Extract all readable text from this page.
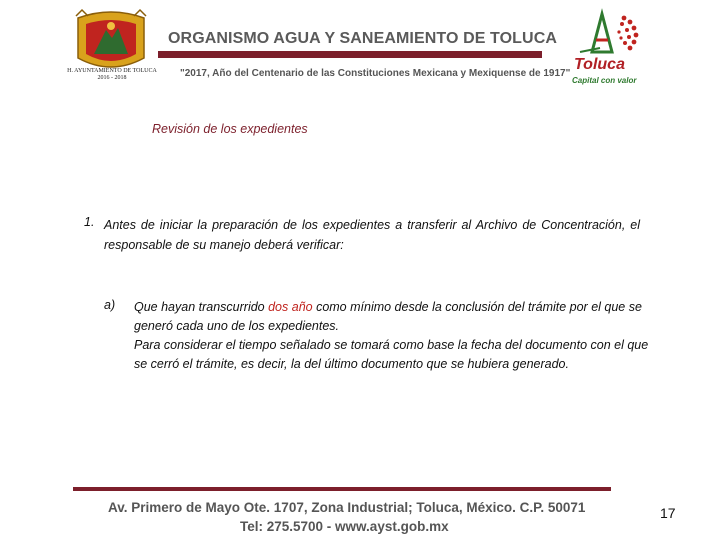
H. AYUNTAMIENTO DE TOLUCA 2016 - 2018
ORGANISMO AGUA Y SANEAMIENTO DE TOLUCA
"2017, Año del Centenario de las Constituciones Mexicana y Mexiquense de 1917"
Toluca
Capital con valor
Revisión de los expedientes
1. Antes de iniciar la preparación de los expedientes a transferir al Archivo de Concentración, el responsable de su manejo deberá verificar:
a) Que hayan transcurrido dos año como mínimo desde la conclusión del trámite por el que se generó cada uno de los expedientes.
Para considerar el tiempo señalado se tomará como base la fecha del documento con el que se cerró el trámite, es decir, la del último documento que se hubiera generado.
Av. Primero de Mayo Ote. 1707, Zona Industrial; Toluca, México. C.P. 50071
Tel: 275.5700 - www.ayst.gob.mx
17
